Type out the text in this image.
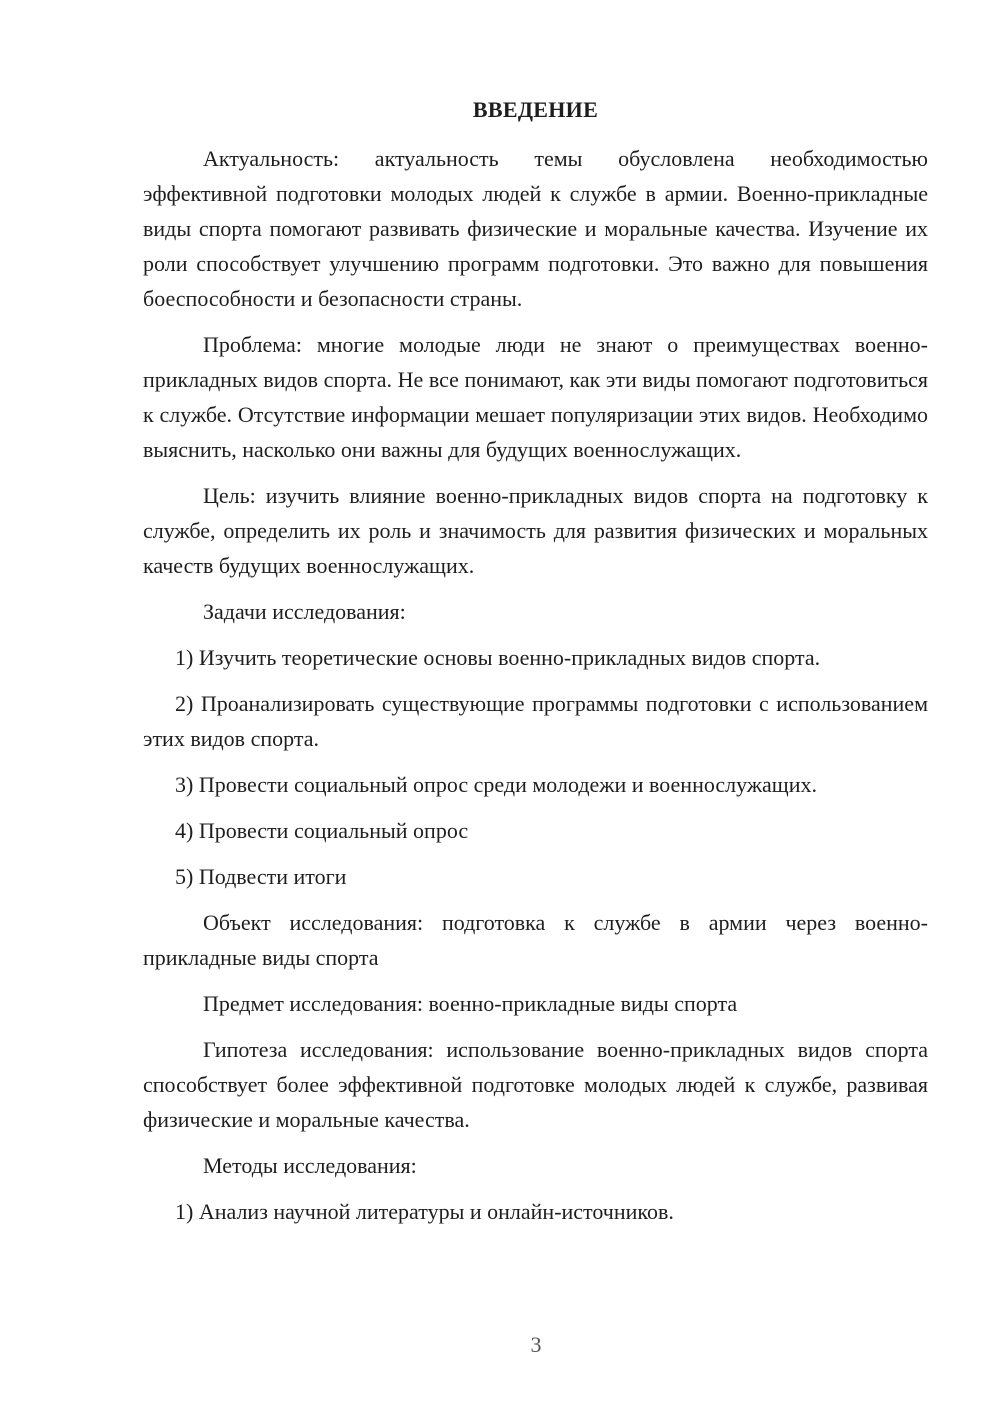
ВВЕДЕНИЕ

Актуальность: актуальность темы обусловлена необходимостью эффективной подготовки молодых людей к службе в армии. Военно-прикладные виды спорта помогают развивать физические и моральные качества. Изучение их роли способствует улучшению программ подготовки. Это важно для повышения боеспособности и безопасности страны.

Проблема: многие молодые люди не знают о преимуществах военно-прикладных видов спорта. Не все понимают, как эти виды помогают подготовиться к службе. Отсутствие информации мешает популяризации этих видов. Необходимо выяснить, насколько они важны для будущих военнослужащих.

Цель: изучить влияние военно-прикладных видов спорта на подготовку к службе, определить их роль и значимость для развития физических и моральных качеств будущих военнослужащих.

Задачи исследования:

1) Изучить теоретические основы военно-прикладных видов спорта.

2) Проанализировать существующие программы подготовки с использованием этих видов спорта.

3) Провести социальный опрос среди молодежи и военнослужащих.

4) Провести социальный опрос

5) Подвести итоги

Объект исследования: подготовка к службе в армии через военно-прикладные виды спорта

Предмет исследования: военно-прикладные виды спорта

Гипотеза исследования: использование военно-прикладных видов спорта способствует более эффективной подготовке молодых людей к службе, развивая физические и моральные качества.

Методы исследования:

1) Анализ научной литературы и онлайн-источников.

3
